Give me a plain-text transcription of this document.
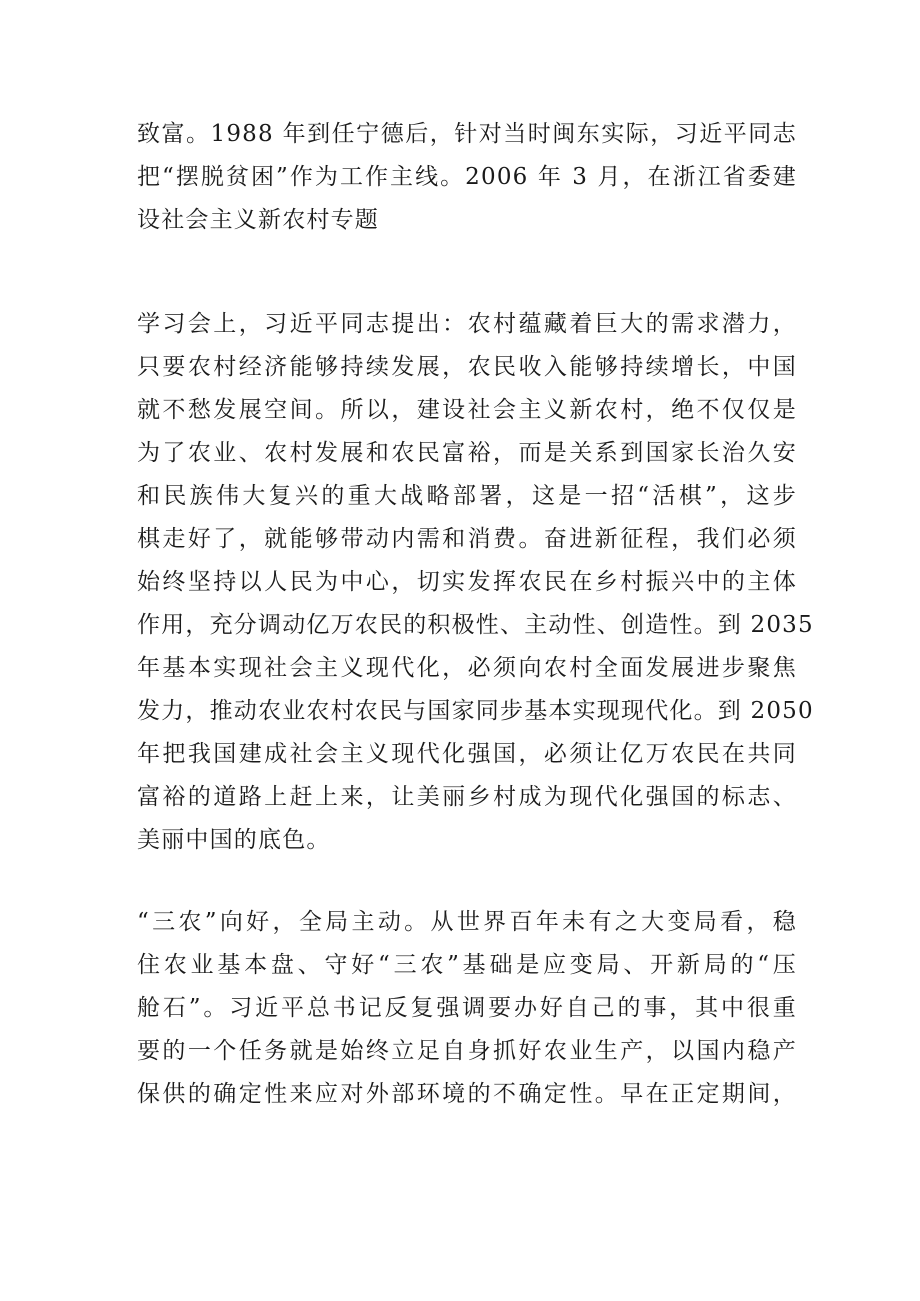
致富。1988 年到任宁德后，针对当时闽东实际，习近平同志
把“摆脱贫困”作为工作主线。2006 年 3 月，在浙江省委建
设社会主义新农村专题
学习会上，习近平同志提出：农村蕴藏着巨大的需求潜力，
只要农村经济能够持续发展，农民收入能够持续增长，中国
就不愁发展空间。所以，建设社会主义新农村，绝不仅仅是
为了农业、农村发展和农民富裕，而是关系到国家长治久安
和民族伟大复兴的重大战略部署，这是一招“活棋”，这步
棋走好了，就能够带动内需和消费。奋进新征程，我们必须
始终坚持以人民为中心，切实发挥农民在乡村振兴中的主体
作用，充分调动亿万农民的积极性、主动性、创造性。到 2035
年基本实现社会主义现代化，必须向农村全面发展进步聚焦
发力，推动农业农村农民与国家同步基本实现现代化。到 2050
年把我国建成社会主义现代化强国，必须让亿万农民在共同
富裕的道路上赶上来，让美丽乡村成为现代化强国的标志、
美丽中国的底色。
“三农”向好，全局主动。从世界百年未有之大变局看，稳
住农业基本盘、守好“三农”基础是应变局、开新局的“压
舱石”。习近平总书记反复强调要办好自己的事，其中很重
要的一个任务就是始终立足自身抓好农业生产，以国内稳产
保供的确定性来应对外部环境的不确定性。早在正定期间，
